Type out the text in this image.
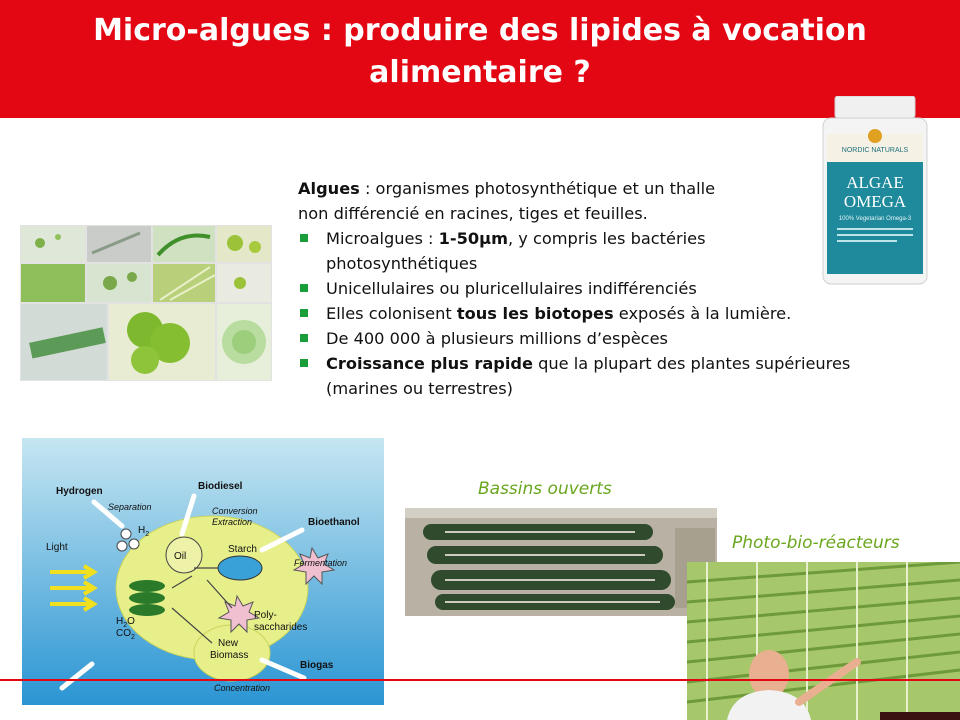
Micro-algues : produire des lipides à vocation
alimentaire ?

Algues : organismes photosynthétique et un thalle

non différencié en racines, tiges et feuilles.

Microalgues : 1-50µm, y compris les bactéries
photosynthétiques
Unicellulaires ou pluricellulaires indifférenciés
Elles colonisent tous les biotopes exposés à la lumière.
De 400 000 à plusieurs millions d’espèces
Croissance plus rapide que la plupart des plantes supérieures
(marines ou terrestres)
NORDIC NATURALS
ALGAE
OMEGA
100% Vegetarian Omega-3
Hydrogen
Separation
$H_2$
Biodiesel
Conversion
Extraction	Bioethanol
Light
Oil
Starch
Fermentation
Poly-
saccharides
$H_2O$
$CO_2$
New
Biomass
Biogas
Concentration
Bassins ouverts
Photo-bio-réacteurs
